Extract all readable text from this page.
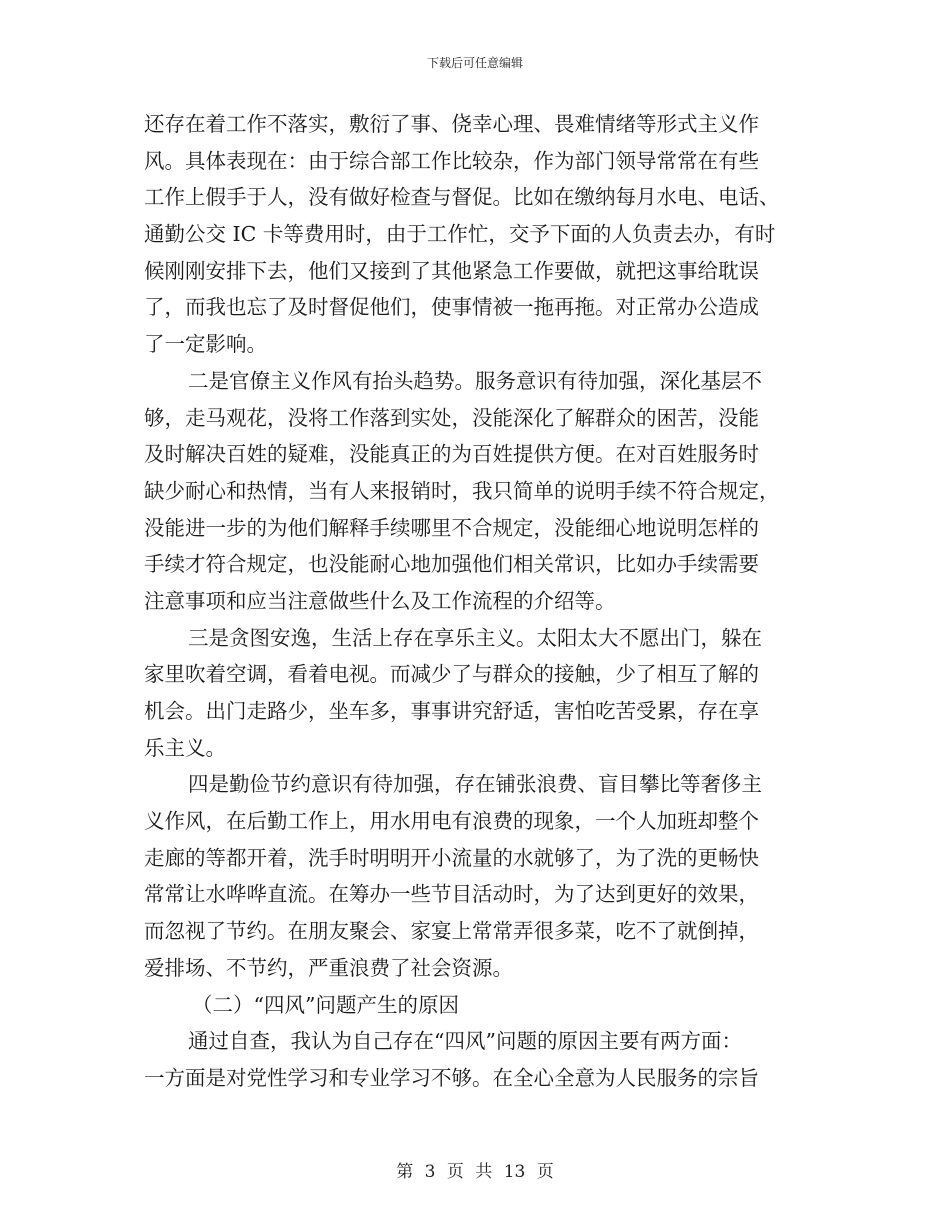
下载后可任意编辑
还存在着工作不落实，敷衍了事、侥幸心理、畏难情绪等形式主义作
风。具体表现在：由于综合部工作比较杂，作为部门领导常常在有些
工作上假手于人，没有做好检查与督促。比如在缴纳每月水电、电话、
通勤公交 IC 卡等费用时，由于工作忙，交予下面的人负责去办，有时
候刚刚安排下去，他们又接到了其他紧急工作要做，就把这事给耽误
了，而我也忘了及时督促他们，使事情被一拖再拖。对正常办公造成
了一定影响。
二是官僚主义作风有抬头趋势。服务意识有待加强，深化基层不
够，走马观花，没将工作落到实处，没能深化了解群众的困苦，没能
及时解决百姓的疑难，没能真正的为百姓提供方便。在对百姓服务时
缺少耐心和热情，当有人来报销时，我只简单的说明手续不符合规定，
没能进一步的为他们解释手续哪里不合规定，没能细心地说明怎样的
手续才符合规定，也没能耐心地加强他们相关常识，比如办手续需要
注意事项和应当注意做些什么及工作流程的介绍等。
三是贪图安逸，生活上存在享乐主义。太阳太大不愿出门，躲在
家里吹着空调，看着电视。而减少了与群众的接触，少了相互了解的
机会。出门走路少，坐车多，事事讲究舒适，害怕吃苦受累，存在享
乐主义。
四是勤俭节约意识有待加强，存在铺张浪费、盲目攀比等奢侈主
义作风，在后勤工作上，用水用电有浪费的现象，一个人加班却整个
走廊的等都开着，洗手时明明开小流量的水就够了，为了洗的更畅快
常常让水哗哗直流。在筹办一些节目活动时，为了达到更好的效果，
而忽视了节约。在朋友聚会、家宴上常常弄很多菜，吃不了就倒掉，
爱排场、不节约，严重浪费了社会资源。
（二）“四风”问题产生的原因
通过自查，我认为自己存在“四风”问题的原因主要有两方面：
一方面是对党性学习和专业学习不够。在全心全意为人民服务的宗旨
第 3 页 共 13 页
